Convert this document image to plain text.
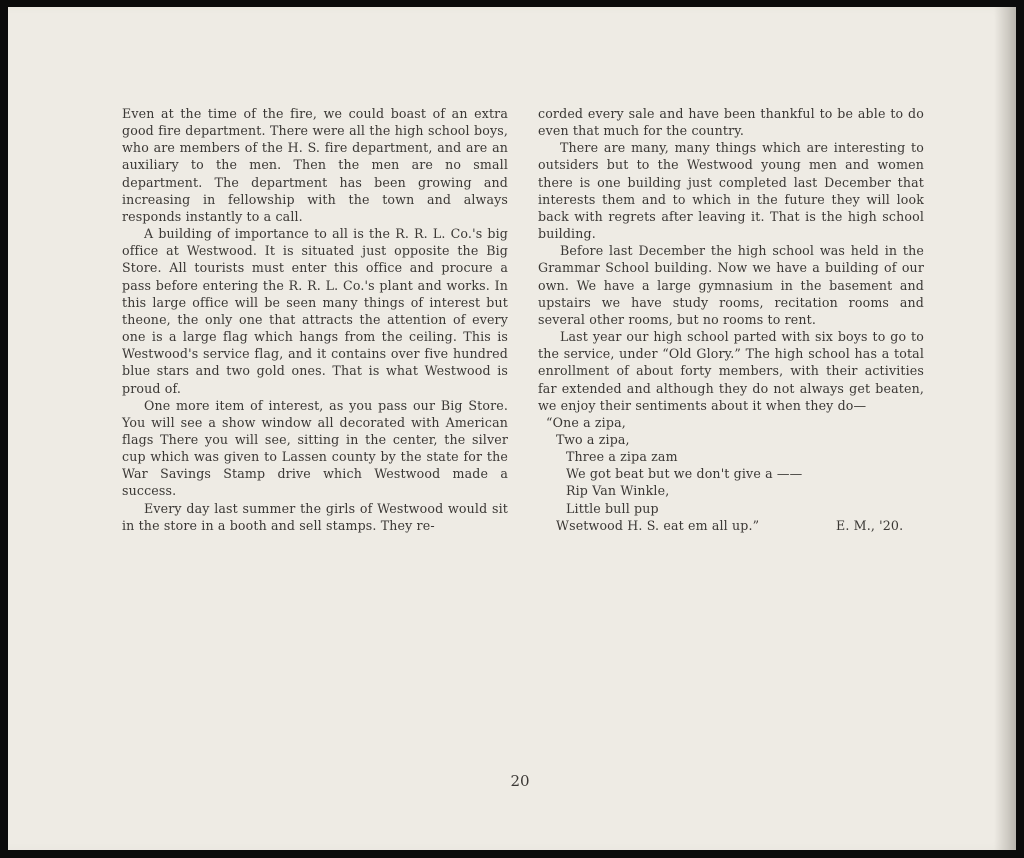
Even at the time of the fire, we could boast of an extra good fire department. There were all the high school boys, who are members of the H. S. fire department, and are an auxiliary to the men. Then the men are no small department. The department has been growing and increasing in fellowship with the town and always responds instantly to a call.

A building of importance to all is the R. R. L. Co.'s big office at Westwood. It is situated just opposite the Big Store. All tourists must enter this office and procure a pass before entering the R. R. L. Co.'s plant and works. In this large office will be seen many things of interest but theone, the only one that attracts the attention of every one is a large flag which hangs from the ceiling. This is Westwood's service flag, and it contains over five hundred blue stars and two gold ones. That is what Westwood is proud of.

One more item of interest, as you pass our Big Store. You will see a show window all decorated with American flags There you will see, sitting in the center, the silver cup which was given to Lassen county by the state for the War Savings Stamp drive which Westwood made a success.

Every day last summer the girls of Westwood would sit in the store in a booth and sell stamps. They re-

corded every sale and have been thankful to be able to do even that much for the country.

There are many, many things which are interesting to outsiders but to the Westwood young men and women there is one building just completed last December that interests them and to which in the future they will look back with regrets after leaving it. That is the high school building.

Before last December the high school was held in the Grammar School building. Now we have a building of our own. We have a large gymnasium in the basement and upstairs we have study rooms, recitation rooms and several other rooms, but no rooms to rent.

Last year our high school parted with six boys to go to the service, under “Old Glory.” The high school has a total enrollment of about forty members, with their activities far extended and although they do not always get beaten, we enjoy their sentiments about it when they do—

“One a zipa,
Two a zipa,
Three a zipa zam
We got beat but we don't give a ——
Rip Van Winkle,
Little bull pup
Wsetwood H. S. eat em all up.”	E. M., '20.
20
